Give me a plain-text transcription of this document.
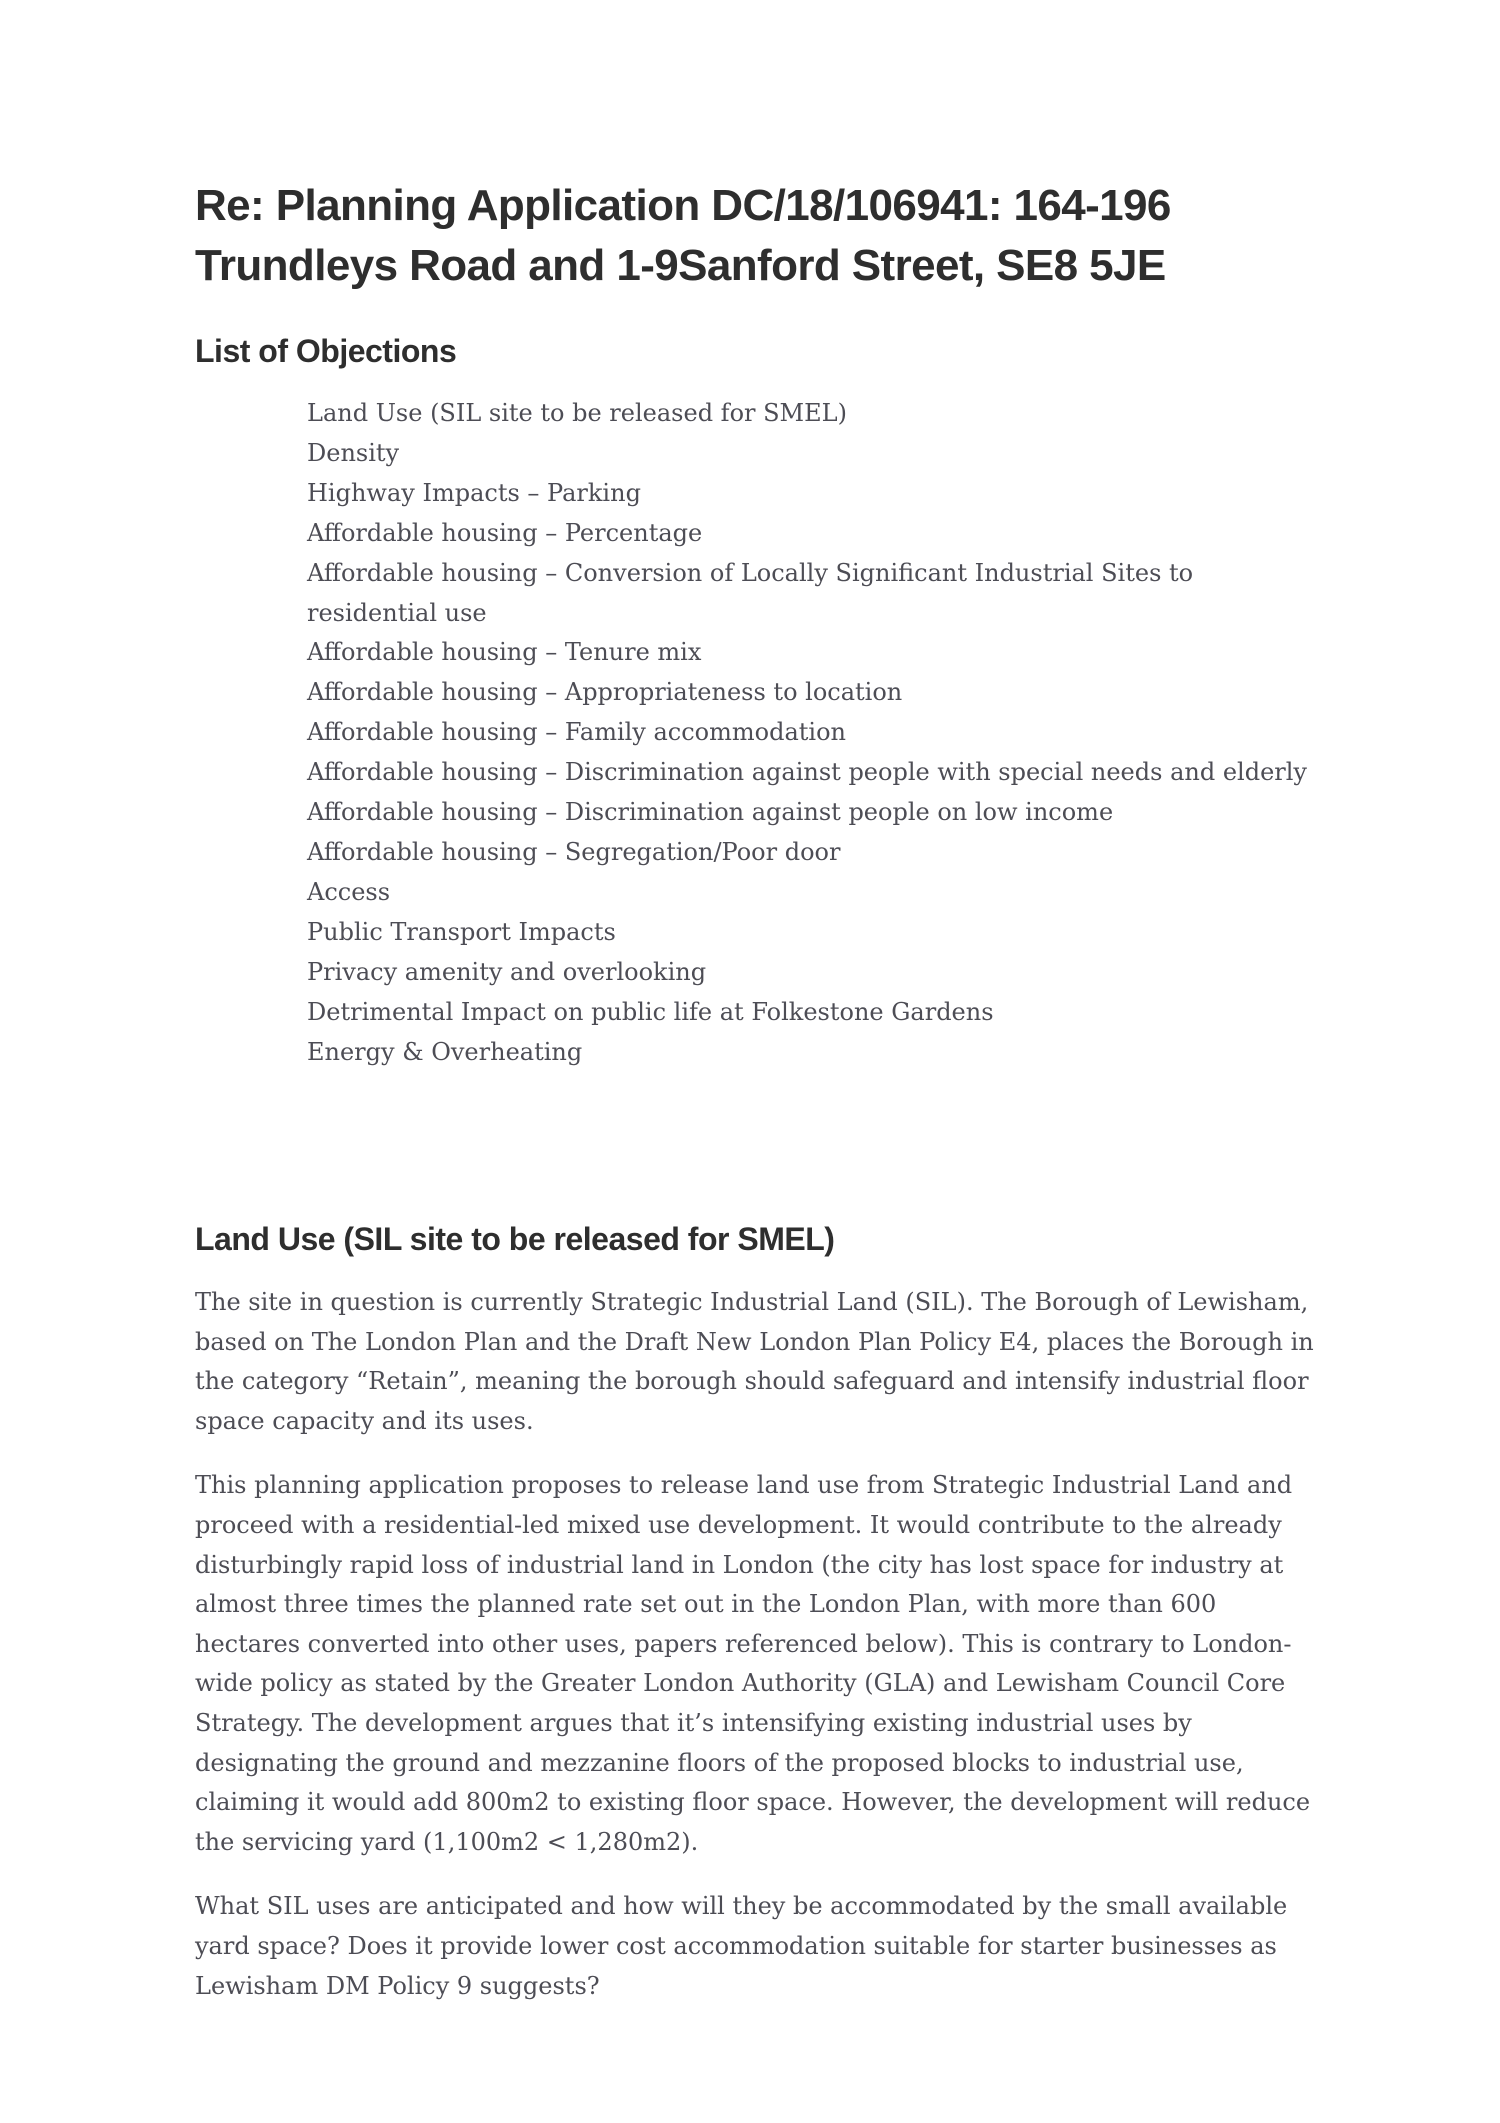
Re: Planning Application DC/18/106941: 164-196 Trundleys Road and 1-9Sanford Street, SE8 5JE
List of Objections
Land Use (SIL site to be released for SMEL)
Density
Highway Impacts – Parking
Affordable housing – Percentage
Affordable housing – Conversion of Locally Significant Industrial Sites to residential use
Affordable housing – Tenure mix
Affordable housing – Appropriateness to location
Affordable housing – Family accommodation
Affordable housing – Discrimination against people with special needs and elderly
Affordable housing – Discrimination against people on low income
Affordable housing – Segregation/Poor door
Access
Public Transport Impacts
Privacy amenity and overlooking
Detrimental Impact on public life at Folkestone Gardens
Energy & Overheating
Land Use (SIL site to be released for SMEL)

The site in question is currently Strategic Industrial Land (SIL). The Borough of Lewisham, based on The London Plan and the Draft New London Plan Policy E4, places the Borough in the category “Retain”, meaning the borough should safeguard and intensify industrial floor space capacity and its uses.

This planning application proposes to release land use from Strategic Industrial Land and proceed with a residential-led mixed use development. It would contribute to the already disturbingly rapid loss of industrial land in London (the city has lost space for industry at almost three times the planned rate set out in the London Plan, with more than 600 hectares converted into other uses, papers referenced below). This is contrary to London-wide policy as stated by the Greater London Authority (GLA) and Lewisham Council Core Strategy. The development argues that it’s intensifying existing industrial uses by designating the ground and mezzanine floors of the proposed blocks to industrial use, claiming it would add 800m2 to existing floor space. However, the development will reduce the servicing yard (1,100m2 < 1,280m2).

What SIL uses are anticipated and how will they be accommodated by the small available yard space? Does it provide lower cost accommodation suitable for starter businesses as Lewisham DM Policy 9 suggests?
